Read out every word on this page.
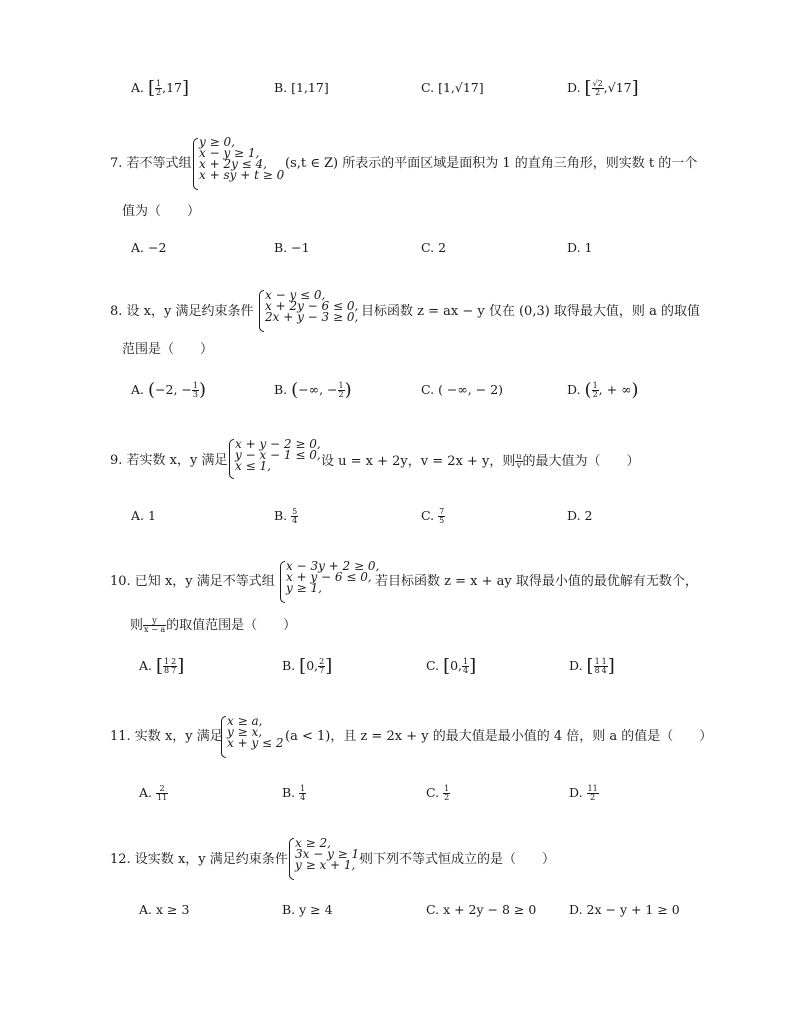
A. [ $\frac{1}{2} ,17$]	B. [1,17]	C. [1,√17]	D. [ $\frac{√2}{2} ,√17$]
7. 若不等式组
y ≥ 0,
x − y ≥ 1,
x + 2y ≤ 4,
x + sy + t ≥ 0
(s,t ∈ Z) 所表示的平面区域是面积为 1 的直角三角形，则实数 t 的一个
值为（　　）
A. −2	B. −1	C. 2	D. 1
8. 设 x，y 满足约束条件
x − y ≤ 0,
x + 2y − 6 ≤ 0,
2x + y − 3 ≥ 0, 目标函数 z = ax − y 仅在 (0,3) 取得最大值，则 a 的取值
范围是（　　）
A. (−2, − $\frac{1}{3}$ )	B. (−∞, − $\frac{1}{2}$ )	C. ( −∞, − 2)	D. ( $\frac{1}{2}$ , + ∞)
9. 若实数 x，y 满足
x + y − 2 ≥ 0,
y − x − 1 ≤ 0,
x ≤ 1,	设 u = x + 2y，v = 2x + y，则 $\frac{u}{v}$ 的最大值为（　　）
A. 1	B. $\frac{5}{4}$	C. $\frac{7}{5}$	D. 2
10. 已知 x，y 满足不等式组
x − 3y + 2 ≥ 0,
x + y − 6 ≤ 0,
y ≥ 1,	若目标函数 z = x + ay 取得最小值的最优解有无数个，
则 $\frac{y}{x - a}$ 的取值范围是（　　）
A. [ $\frac{1}{8} \frac{2}{7}$ ]	B. [0, $\frac{2}{7}$ ]	C. [0, $\frac{1}{4}$ ]	D. [ $\frac{1}{8} \frac{1}{4}$ ]
11. 实数 x，y 满足
x ≥ a,
y ≥ x,
x + y ≤ 2 (a < 1)，且 z = 2x + y 的最大值是最小值的 4 倍，则 a 的值是（　　）
A. $\frac{2}{11}$	B. $\frac{1}{4}$	C. $\frac{1}{2}$	D. $\frac{11}{2}$
12. 设实数 x，y 满足约束条件
x ≥ 2,
3x − y ≥ 1,
y ≥ x + 1, 则下列不等式恒成立的是（　　）
A. x ≥ 3	B. y ≥ 4	C. x + 2y − 8 ≥ 0	D. 2x − y + 1 ≥ 0
